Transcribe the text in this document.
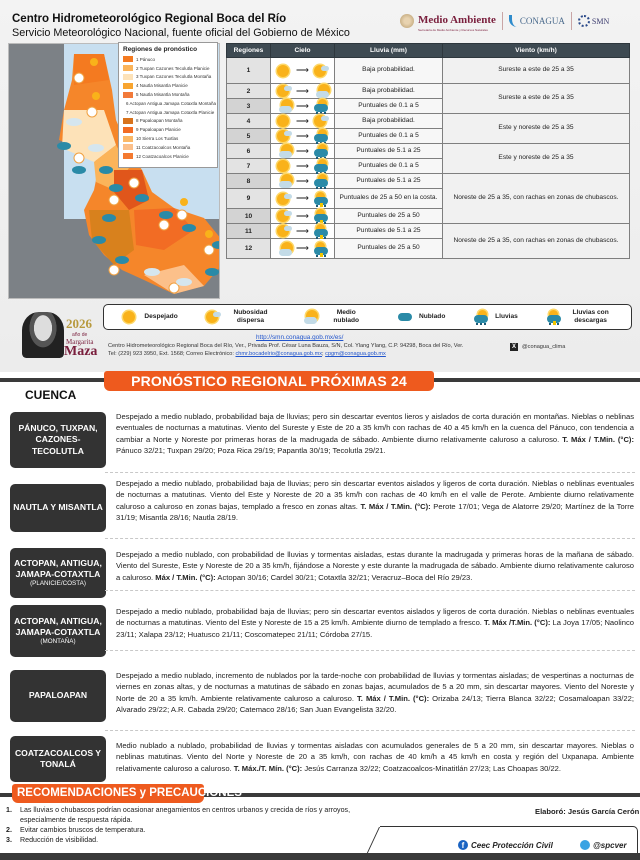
Centro Hidrometeorológico Regional Boca del Río
Servicio Meteorológico Nacional, fuente oficial del Gobierno de México
Medio Ambiente
Secretaría de Medio Ambiente y Recursos Naturales
CONAGUA	SMN
Regiones de pronóstico
1 Pánuco
2 Tuxpan Cazones Tecolutla Planicie
3 Tuxpan Cazones Tecolutla Montaña
4 Nautla Misantla Planicie
5 Nautla Misantla Montaña
6 Actopan Antigua Jamapa Cotaxtla Montaña
7 Actopan Antigua Jamapa Cotaxtla Planicie
8 Papaloapan Montaña
9 Papaloapan Planicie
10 Sierra Los Tuxtlas
11 Coatzacoalcos Montaña
12 Coatzacoalcos Planicie
Regiones	Cielo	Lluvia (mm)	Viento (km/h)
1	⟶	Baja probabilidad.	Sureste a este de 25 a 35
2	⟶	Baja probabilidad.	Sureste a este de 25 a 35
3	⟶	Puntuales de 0.1 a 5	
4	⟶	Baja probabilidad.	Este y noreste de 25 a 35
5	⟶	Puntuales de 0.1 a 5	
6	⟶	Puntuales de 5.1 a 25	Este y noreste de 25 a 35
7	⟶	Puntuales de 0.1 a 5	
8	⟶	Puntuales de 5.1 a 25	Noreste de 25 a 35, con rachas en zonas de chubascos.
9	⟶	Puntuales de 25 a 50 en la costa.	
10	⟶	Puntuales de 25 a 50	
11	⟶	Puntuales de 5.1 a 25	Noreste de 25 a 35, con rachas en zonas de chubascos.
12	⟶	Puntuales de 25 a 50	
Despejado
Nubosidad dispersa
Medio nublado
Nublado	Lluvias
Lluvias con descargas
2026
año de
Margarita
Maza
http://smn.conagua.gob.mx/es/
Centro Hidrometeorológico Regional Boca del Río, Ver., Privada Prof. César Luna Bauza, S/N, Col. Ylang Ylang, C.P. 94298, Boca del Río, Ver.
Tel: (229) 923 3950, Ext. 1568; Correo Electrónico: chmr.bocadelrio@conagua.gob.mx; cpgm@conagua.gob.mx
X	@conagua_clima
PRONÓSTICO REGIONAL PRÓXIMAS 24 HORAS
CUENCA
PÁNUCO, TUXPAN, CAZONES-TECOLUTLA
Despejado a medio nublado, probabilidad baja de lluvias; pero sin descartar eventos lieros y aislados de corta duración en montañas. Nieblas o neblinas eventuales de nocturnas a matutinas. Viento del Sureste y Este de 20 a 35 km/h con rachas de 40 a 45 km/h en la cuenca del Pánuco, con tendencia a cambiar a Norte y Noreste por primeras horas de la madrugada de sábado. Ambiente diurno relativamente caluroso a caluroso. T. Máx / T.Min. (°C): Pánuco 32/21; Tuxpan 29/20; Poza Rica 29/19; Papantla 30/19; Tecolutla 29/21.
NAUTLA Y MISANTLA
Despejado a medio nublado, probabilidad baja de lluvias; pero sin descartar eventos aislados y ligeros de corta duración. Nieblas o neblinas eventuales de nocturnas a matutinas. Viento del Este y Noreste de 20 a 35 km/h con rachas de 40 km/h en el valle de Perote. Ambiente diurno relativamente caluroso a caluroso en zonas bajas, templado a fresco en zonas altas. T. Máx / T.Min. (°C): Perote 17/01; Vega de Alatorre 29/20; Martínez de la Torre 31/19; Misantla 28/16; Nautla 28/19.
ACTOPAN, ANTIGUA, JAMAPA-COTAXTLA
(PLANICIE/COSTA)
Despejado a medio nublado, con probabilidad de lluvias y tormentas aisladas, estas durante la madrugada y primeras horas de la mañana de sábado. Viento del Sureste, Este y Noreste de 20 a 35 km/h, fijándose a Noreste y este durante la madrugada de sábado. Ambiente diurno relativamente caluroso a caluroso. Máx / T.Min. (°C): Actopan 30/16; Cardel 30/21; Cotaxtla 32/21; Veracruz–Boca del Río 29/23.
ACTOPAN, ANTIGUA, JAMAPA-COTAXTLA
(MONTAÑA)
Despejado a medio nublado, probabilidad baja de lluvias; pero sin descartar eventos aislados y ligeros de corta duración. Nieblas o neblinas eventuales de nocturnas a matutinas. Viento del Este y Noreste de 15 a 25 km/h. Ambiente diurno de templado a fresco. T. Máx /T.Min. (°C): La Joya 17/05; Naolinco 23/11; Xalapa 23/12; Huatusco 21/11; Coscomatepec 21/11; Córdoba 27/15.
PAPALOAPAN
Despejado a medio nublado, incremento de nublados por la tarde-noche con probabilidad de lluvias y tormentas aisladas; de vespertinas a nocturnas de viernes en zonas altas, y de nocturnas a matutinas de sábado en zonas bajas, acumulados de 5 a 20 mm, sin descartar mayores. Viento del Noreste y Norte de 20 a 35 km/h. Ambiente relativamente caluroso a caluroso. T. Máx / T.Min. (°C): Orizaba 24/13; Tierra Blanca 32/22; Cosamaloapan 33/22; Alvarado 29/22; A.R. Cabada 29/20; Catemaco 28/16; San Juan Evangelista 32/20.
COATZACOALCOS Y TONALÁ
Medio nublado a nublado, probabilidad de lluvias y tormentas aisladas con acumulados generales de 5 a 20 mm, sin descartar mayores. Nieblas o neblinas matutinas. Viento del Norte y Noreste de 20 a 35 km/h, con rachas de 40 km/h a 45 km/h en costa y región del Uxpanapa. Ambiente relativamente caluroso a caluroso. T. Máx./T. Mín. (°C): Jesús Carranza 32/22; Coatzacoalcos-Minatitlán 27/23; Las Choapas 30/22.
RECOMENDACIONES y PRECAUCIONES
1. Las lluvias o chubascos podrían ocasionar anegamientos en centros urbanos y crecida de ríos y arroyos, especialmente de respuesta rápida.
2. Evitar cambios bruscos de temperatura.
3. Reducción de visibilidad.
Elaboró: Jesús García Cerón
f Ceec Protección Civil	@spcver
